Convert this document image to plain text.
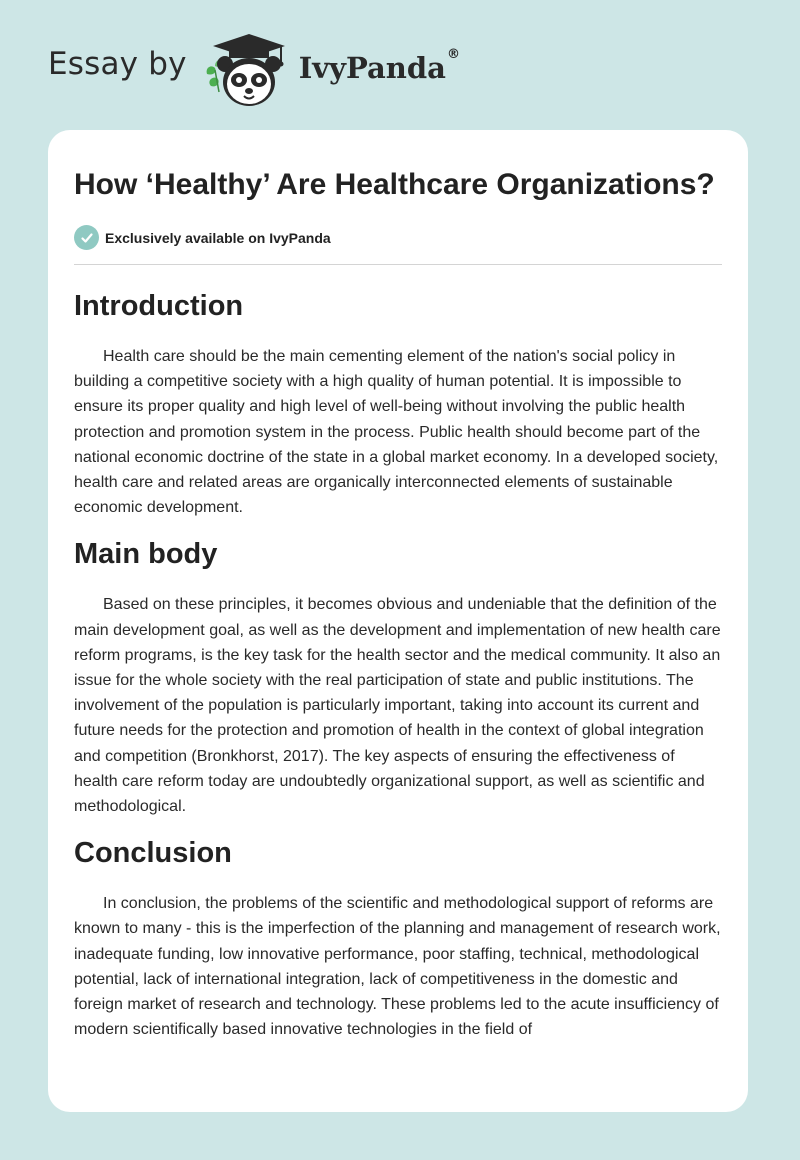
Essay by	IvyPanda®
How ‘Healthy’ Are Healthcare Organizations?
Exclusively available on IvyPanda
Introduction

Health care should be the main cementing element of the nation's social policy in building a competitive society with a high quality of human potential. It is impossible to ensure its proper quality and high level of well-being without involving the public health protection and promotion system in the process. Public health should become part of the national economic doctrine of the state in a global market economy. In a developed society, health care and related areas are organically interconnected elements of sustainable economic development.

Main body

Based on these principles, it becomes obvious and undeniable that the definition of the main development goal, as well as the development and implementation of new health care reform programs, is the key task for the health sector and the medical community. It also an issue for the whole society with the real participation of state and public institutions. The involvement of the population is particularly important, taking into account its current and future needs for the protection and promotion of health in the context of global integration and competition (Bronkhorst, 2017). The key aspects of ensuring the effectiveness of health care reform today are undoubtedly organizational support, as well as scientific and methodological.

Conclusion

In conclusion, the problems of the scientific and methodological support of reforms are known to many - this is the imperfection of the planning and management of research work, inadequate funding, low innovative performance, poor staffing, technical, methodological potential, lack of international integration, lack of competitiveness in the domestic and foreign market of research and technology. These problems led to the acute insufficiency of modern scientifically based innovative technologies in the field of
